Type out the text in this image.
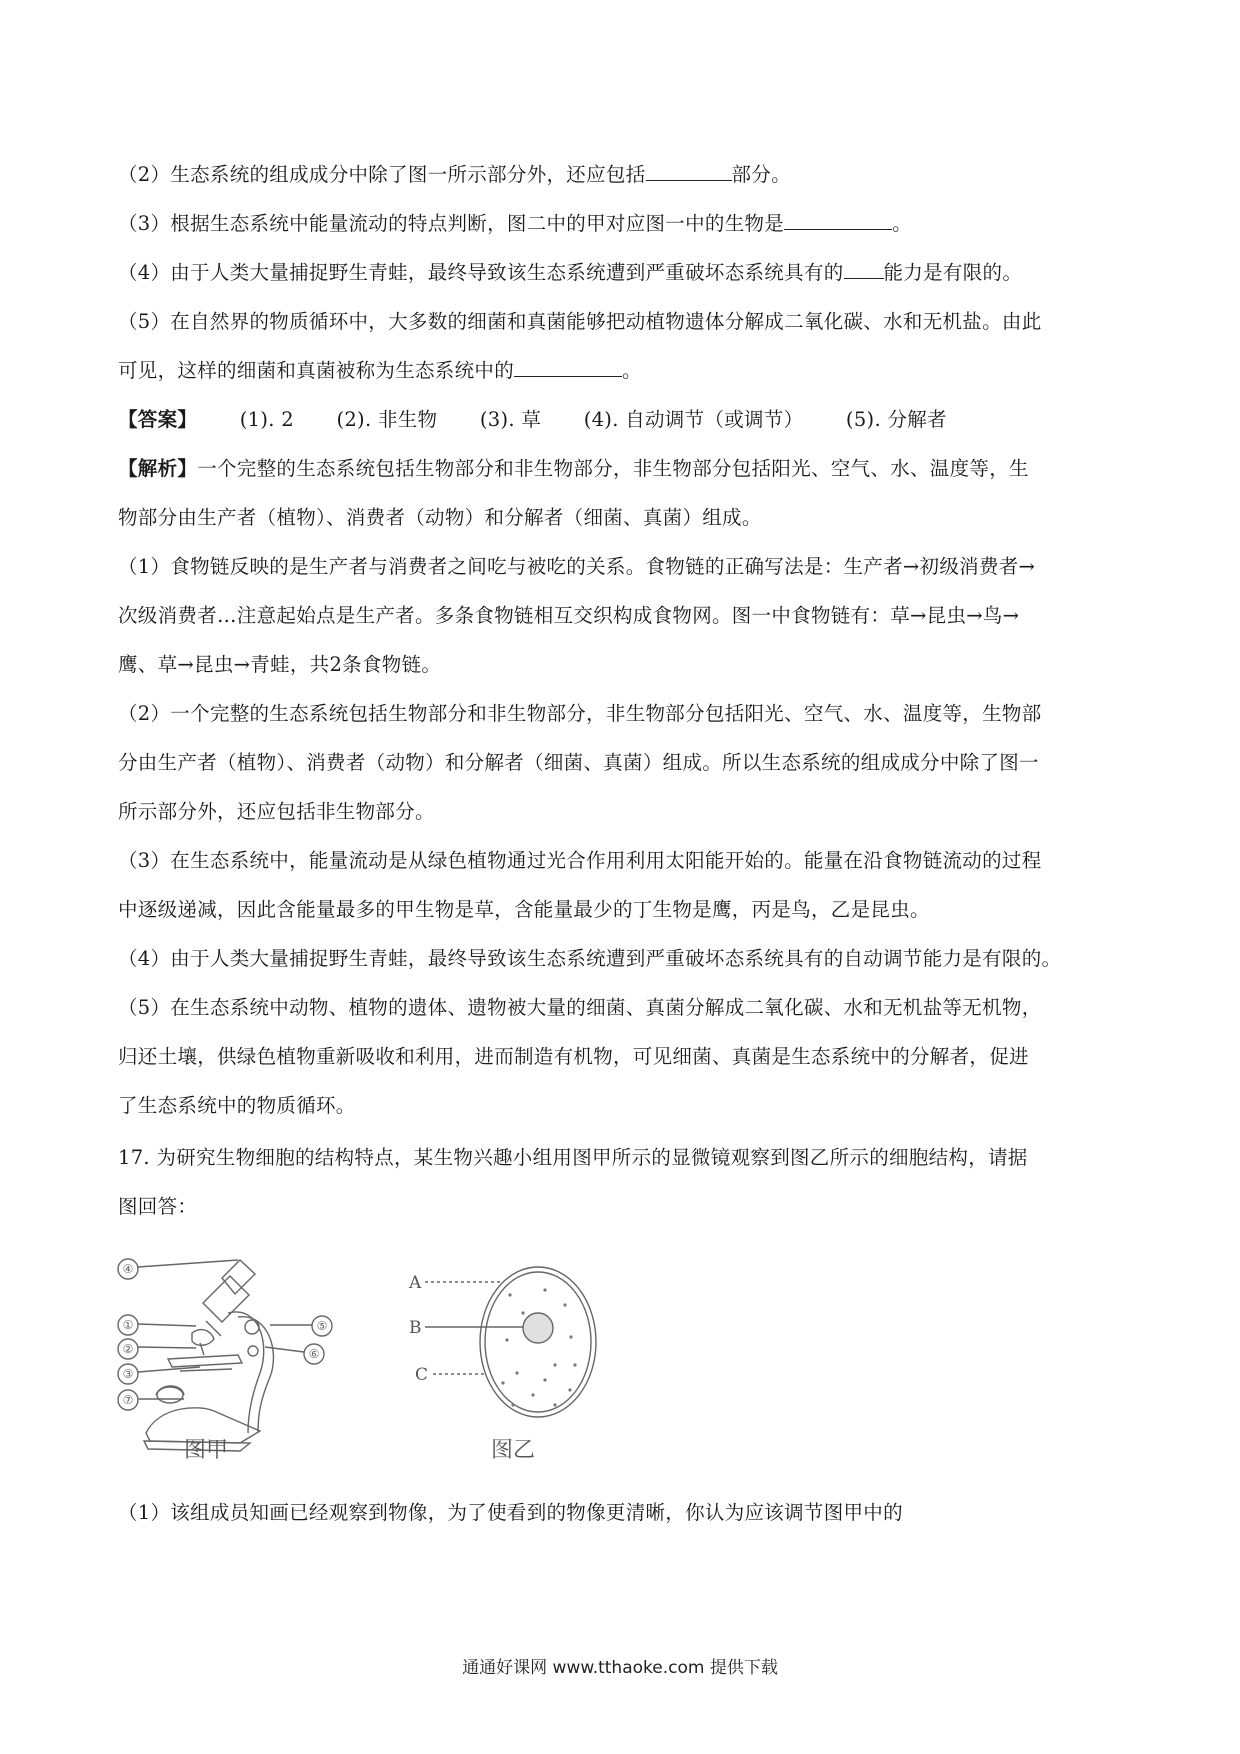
（2）生态系统的组成成分中除了图一所示部分外，还应包括	部分。
（3）根据生态系统中能量流动的特点判断，图二中的甲对应图一中的生物是	。
（4）由于人类大量捕捉野生青蛙，最终导致该生态系统遭到严重破坏态系统具有的 能力是有限的。
（5）在自然界的物质循环中，大多数的细菌和真菌能够把动植物遗体分解成二氧化碳、水和无机盐。由此
可见，这样的细菌和真菌被称为生态系统中的	。
【答案】 (1). 2 (2). 非生物 (3). 草 (4). 自动调节（或调节） (5). 分解者
【解析】一个完整的生态系统包括生物部分和非生物部分，非生物部分包括阳光、空气、水、温度等，生
物部分由生产者（植物）、消费者（动物）和分解者（细菌、真菌）组成。
（1）食物链反映的是生产者与消费者之间吃与被吃的关系。食物链的正确写法是：生产者→初级消费者→
次级消费者…注意起始点是生产者。多条食物链相互交织构成食物网。图一中食物链有：草→昆虫→鸟→
鹰、草→昆虫→青蛙，共2条食物链。
（2）一个完整的生态系统包括生物部分和非生物部分，非生物部分包括阳光、空气、水、温度等，生物部
分由生产者（植物）、消费者（动物）和分解者（细菌、真菌）组成。所以生态系统的组成成分中除了图一
所示部分外，还应包括非生物部分。
（3）在生态系统中，能量流动是从绿色植物通过光合作用利用太阳能开始的。能量在沿食物链流动的过程
中逐级递减，因此含能量最多的甲生物是草，含能量最少的丁生物是鹰，丙是鸟，乙是昆虫。
（4）由于人类大量捕捉野生青蛙，最终导致该生态系统遭到严重破坏态系统具有的自动调节能力是有限的。
（5）在生态系统中动物、植物的遗体、遗物被大量的细菌、真菌分解成二氧化碳、水和无机盐等无机物，
归还土壤，供绿色植物重新吸收和利用，进而制造有机物，可见细菌、真菌是生态系统中的分解者，促进
了生态系统中的物质循环。
17. 为研究生物细胞的结构特点，某生物兴趣小组用图甲所示的显微镜观察到图乙所示的细胞结构，请据
图回答：
④
①
②
③
⑦
⑤
⑥
图甲
A
B
C
图乙
（1）该组成员知画已经观察到物像，为了使看到的物像更清晰，你认为应该调节图甲中的
通通好课网 www.tthaoke.com 提供下载
